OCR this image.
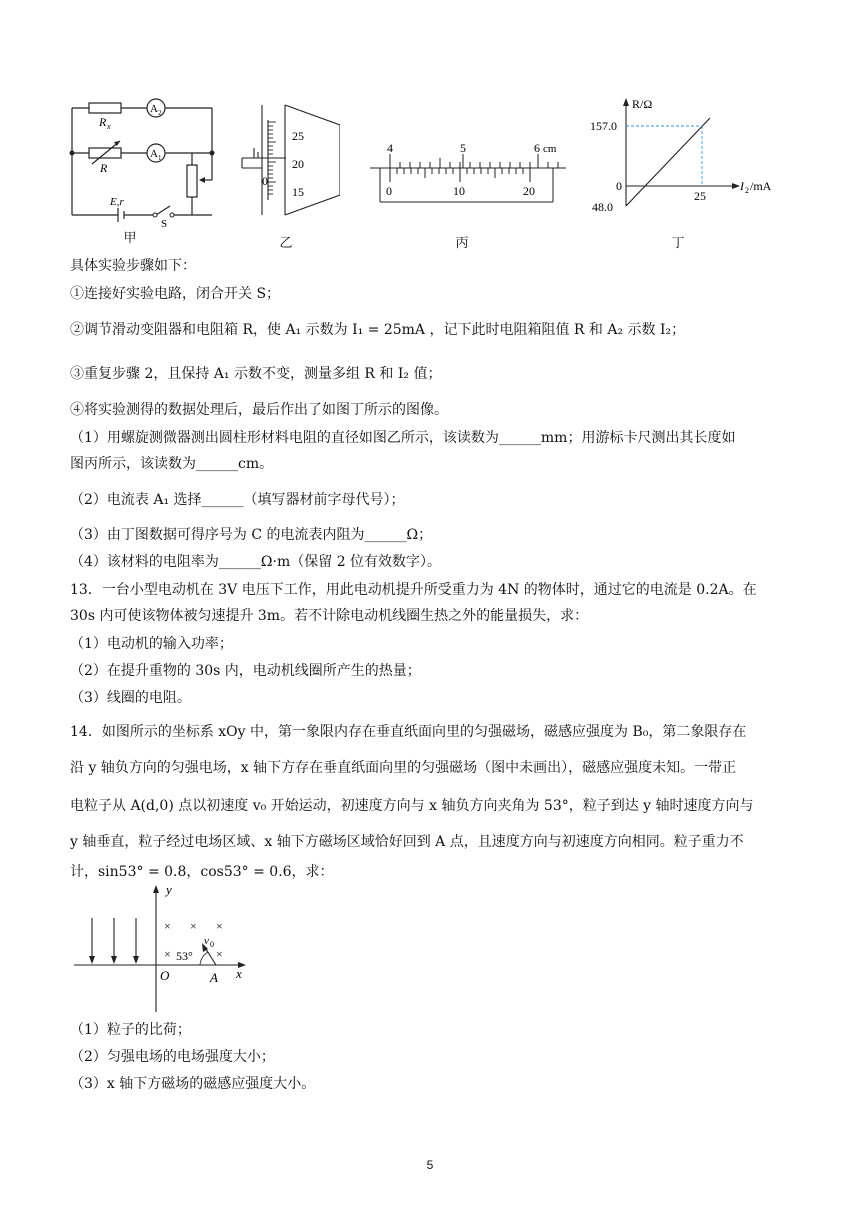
R x
R
A 2
A 1
E,r
S
甲
25
20
15
0
乙
4	5	6 cm
0	10	20
丙
R/Ω
157.0
0
48.0
25
I 2 /mA
丁
具体实验步骤如下：
①连接好实验电路，闭合开关 S；
②调节滑动变阻器和电阻箱 R，使 A₁ 示数为 I₁ = 25mA ，记下此时电阻箱阻值 R 和 A₂ 示数 I₂；
③重复步骤 2，且保持 A₁ 示数不变，测量多组 R 和 I₂ 值；
④将实验测得的数据处理后，最后作出了如图丁所示的图像。
（1）用螺旋测微器测出圆柱形材料电阻的直径如图乙所示，该读数为______mm；用游标卡尺测出其长度如
图丙所示，该读数为______cm。
（2）电流表 A₁ 选择______（填写器材前字母代号）；
（3）由丁图数据可得序号为 C 的电流表内阻为______Ω；
（4）该材料的电阻率为______Ω·m（保留 2 位有效数字）。
13．一台小型电动机在 3V 电压下工作，用此电动机提升所受重力为 4N 的物体时，通过它的电流是 0.2A。在
30s 内可使该物体被匀速提升 3m。若不计除电动机线圈生热之外的能量损失，求：
（1）电动机的输入功率；
（2）在提升重物的 30s 内，电动机线圈所产生的热量；
（3）线圈的电阻。
14．如图所示的坐标系 xOy 中，第一象限内存在垂直纸面向里的匀强磁场，磁感应强度为 B₀，第二象限存在
沿 y 轴负方向的匀强电场，x 轴下方存在垂直纸面向里的匀强磁场（图中未画出），磁感应强度未知。一带正
电粒子从 A(d,0) 点以初速度 v₀ 开始运动，初速度方向与 x 轴负方向夹角为 53°，粒子到达 y 轴时速度方向与
y 轴垂直，粒子经过电场区域、x 轴下方磁场区域恰好回到 A 点，且速度方向与初速度方向相同。粒子重力不
计，sin53° = 0.8，cos53° = 0.6，求：
y
x
O	A
v 0
53°
× × ×
×	×
（1）粒子的比荷；
（2）匀强电场的电场强度大小；
（3）x 轴下方磁场的磁感应强度大小。
5
